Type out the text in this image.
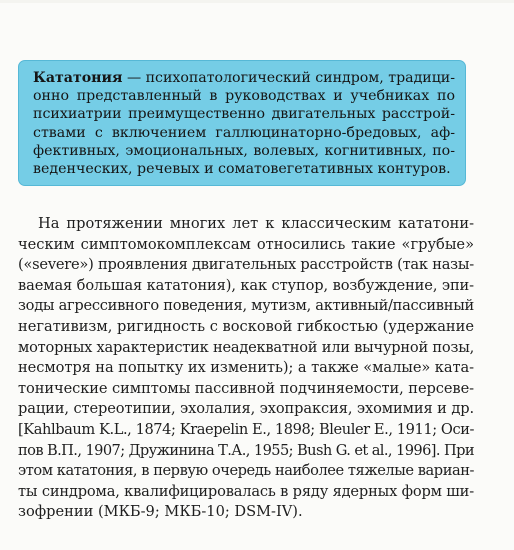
Кататония — психопатологический синдром, традици-
онно представленный в руководствах и учебниках по
психиатрии преимущественно двигательных расстрой-
ствами с включением галлюцинаторно-бредовых, аф-
фективных, эмоциональных, волевых, когнитивных, по-
веденческих, речевых и соматовегетативных контуров.
На протяжении многих лет к классическим кататони-
ческим симптомокомплексам относились такие «грубые»
(«severe») проявления двигательных расстройств (так назы-
ваемая большая кататония), как ступор, возбуждение, эпи-
зоды агрессивного поведения, мутизм, активный/пассивный
негативизм, ригидность с восковой гибкостью (удержание
моторных характеристик неадекватной или вычурной позы,
несмотря на попытку их изменить); а также «малые» ката-
тонические симптомы пассивной подчиняемости, персеве-
рации, стереотипии, эхолалия, эхопраксия, эхомимия и др.
[Kahlbaum K.L., 1874; Kraepelin E., 1898; Bleuler E., 1911; Оси-
пов В.П., 1907; Дружинина Т.А., 1955; Bush G. et al., 1996]. При
этом кататония, в первую очередь наиболее тяжелые вариан-
ты синдрома, квалифицировалась в ряду ядерных форм ши-
зофрении (МКБ-9; МКБ-10; DSM-IV).
